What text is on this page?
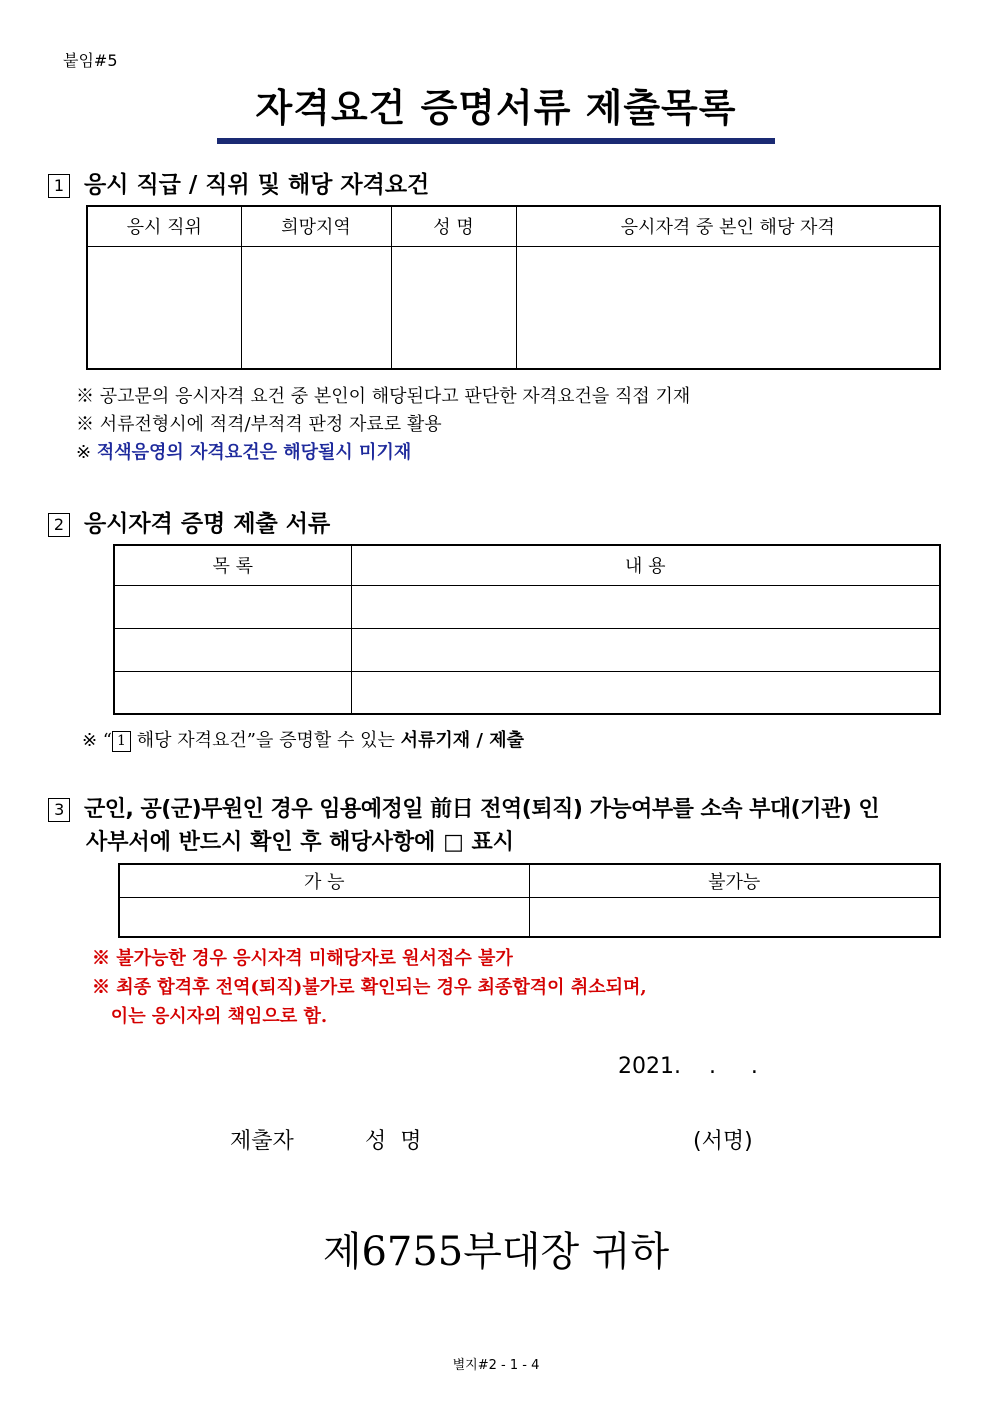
붙임#5
자격요건 증명서류 제출목록
1 응시 직급 / 직위 및 해당 자격요건
응시 직위	희망지역	성 명	응시자격 중 본인 해당 자격

※ 공고문의 응시자격 요건 중 본인이 해당된다고 판단한 자격요건을 직접 기재
※ 서류전형시에 적격/부적격 판정 자료로 활용
※ 적색음영의 자격요건은 해당될시 미기재
2 응시자격 증명 제출 서류
목 록	내 용

※ “ 1 해당 자격요건”을 증명할 수 있는 서류기재 / 제출
3 군인, 공(군)무원인 경우 임용예정일 前日 전역(퇴직) 가능여부를 소속 부대(기관) 인
사부서에 반드시 확인 후 해당사항에 □ 표시
가 능	불가능

※ 불가능한 경우 응시자격 미해당자로 원서접수 불가
※ 최종 합격후 전역(퇴직)불가로 확인되는 경우 최종합격이 취소되며,
이는 응시자의 책임으로 함.
2021.    .     .
제출자	성  명	(서명)
제6755부대장 귀하
별지#2 - 1 - 4
